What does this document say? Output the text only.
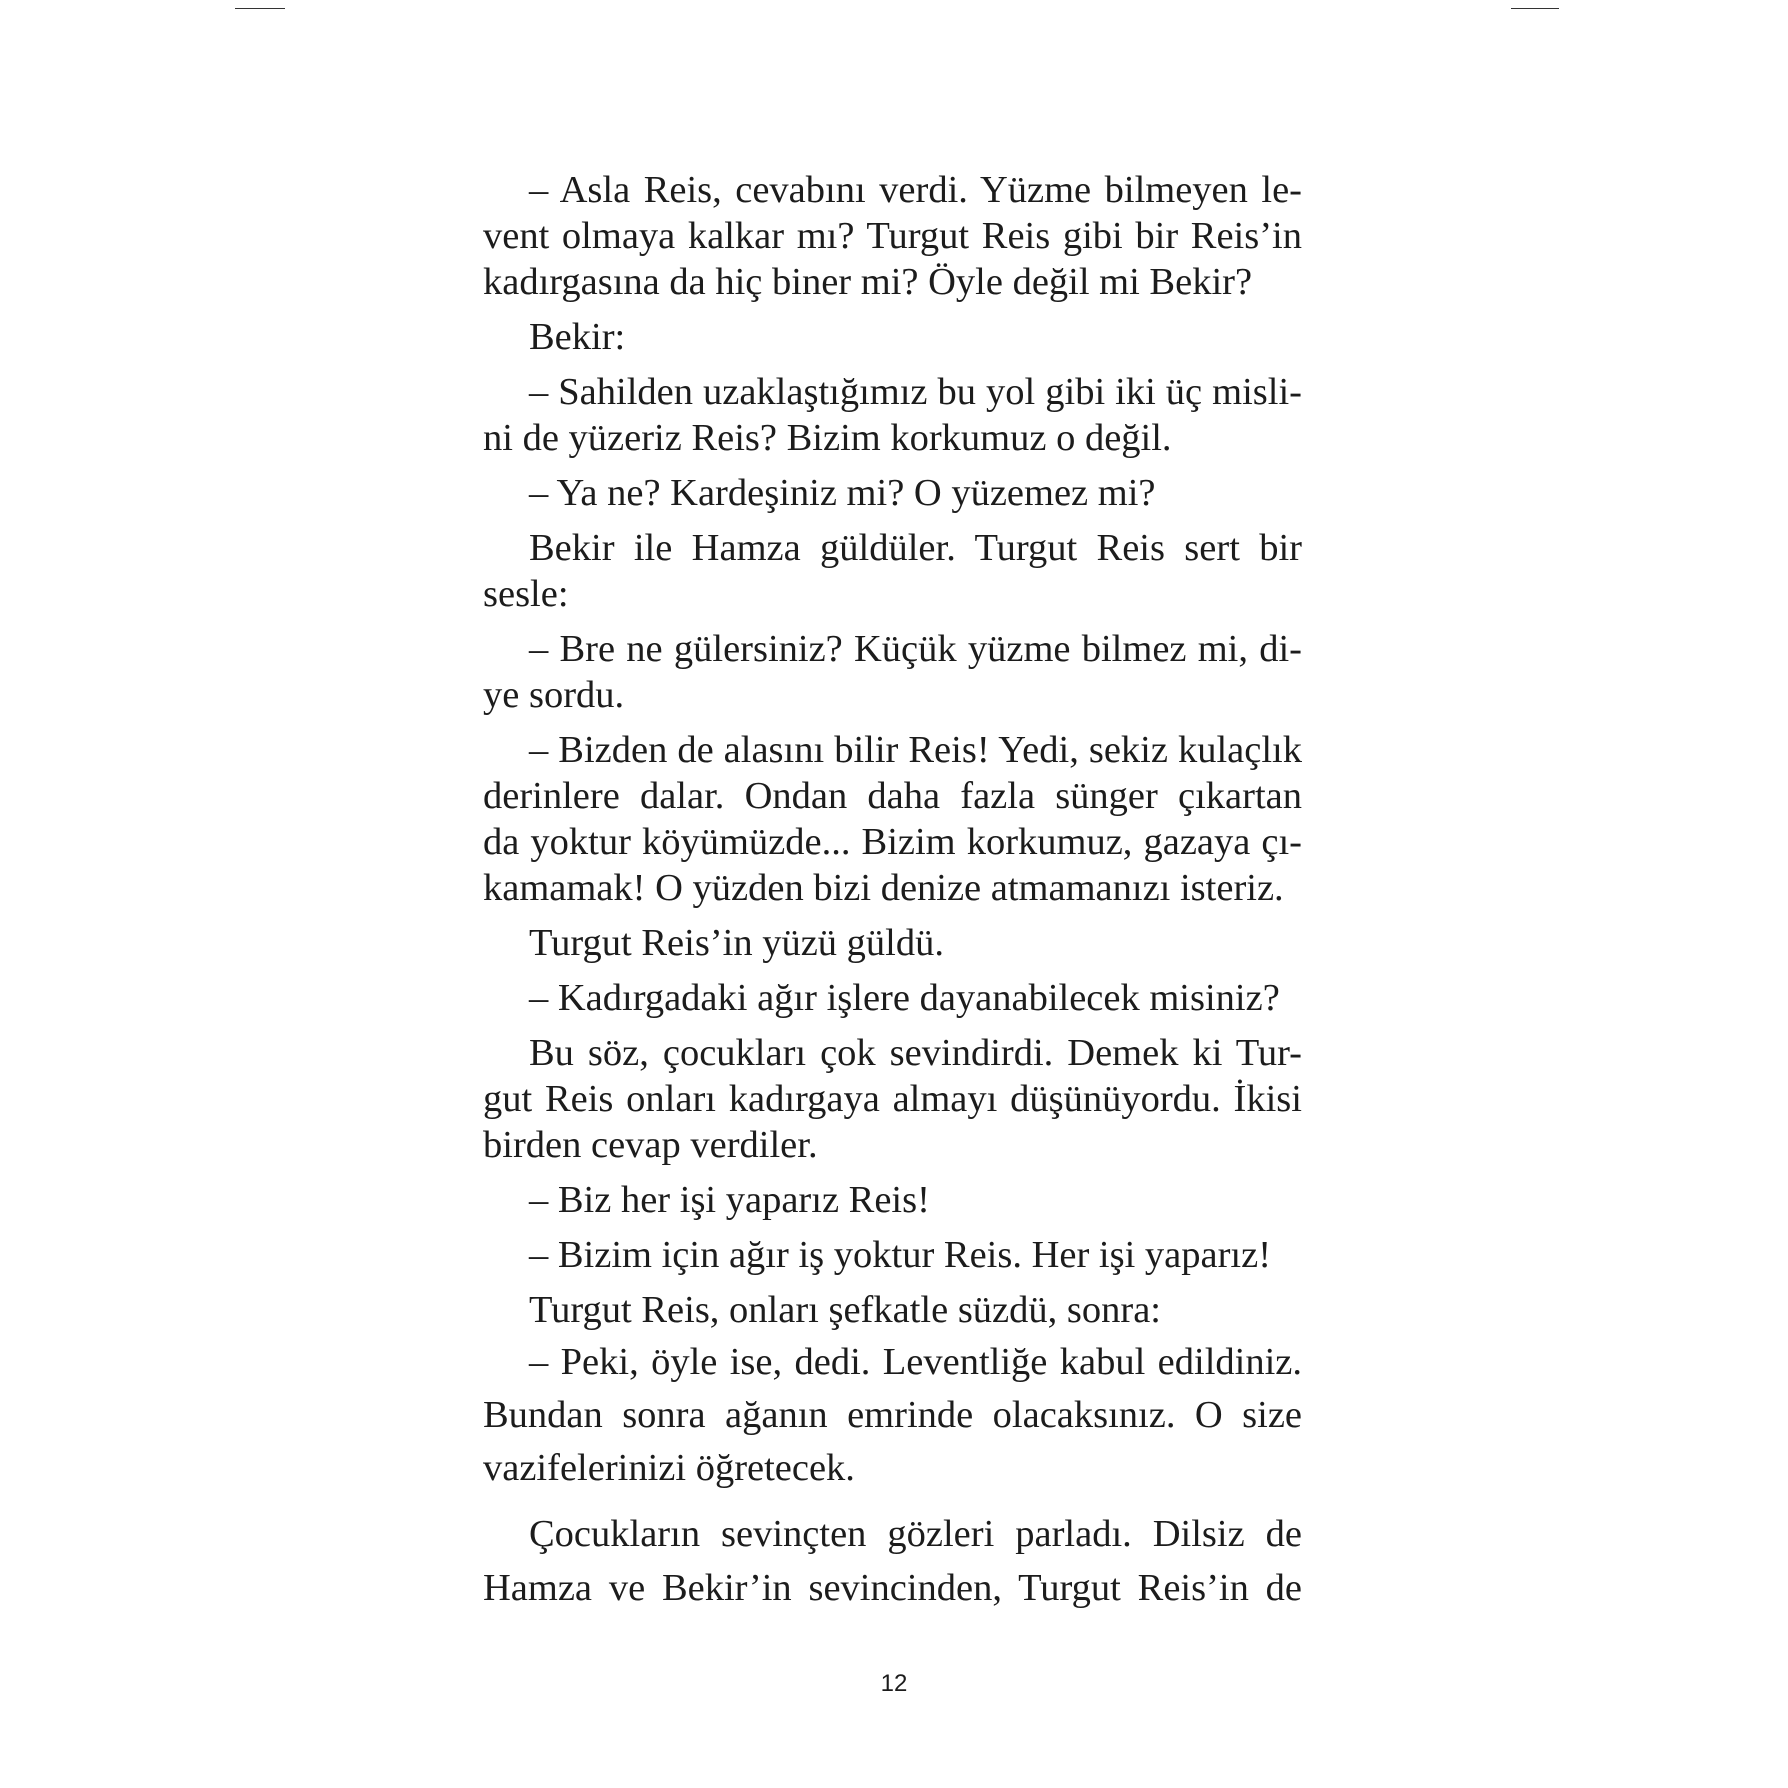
– Asla Reis, cevabını verdi. Yüzme bilmeyen le-
vent olmaya kalkar mı? Turgut Reis gibi bir Reis’in
kadırgasına da hiç biner mi? Öyle değil mi Bekir?
Bekir:
– Sahilden uzaklaştığımız bu yol gibi iki üç misli-
ni de yüzeriz Reis? Bizim korkumuz o değil.
– Ya ne? Kardeşiniz mi? O yüzemez mi?
Bekir ile Hamza güldüler. Turgut Reis sert bir
sesle:
– Bre ne gülersiniz? Küçük yüzme bilmez mi, di-
ye sordu.
– Bizden de alasını bilir Reis! Yedi, sekiz kulaçlık
derinlere dalar. Ondan daha fazla sünger çıkartan
da yoktur köyümüzde... Bizim korkumuz, gazaya çı-
kamamak! O yüzden bizi denize atmamanızı isteriz.
Turgut Reis’in yüzü güldü.
– Kadırgadaki ağır işlere dayanabilecek misiniz?
Bu söz, çocukları çok sevindirdi. Demek ki Tur-
gut Reis onları kadırgaya almayı düşünüyordu. İkisi
birden cevap verdiler.
– Biz her işi yaparız Reis!
– Bizim için ağır iş yoktur Reis. Her işi yaparız!
Turgut Reis, onları şefkatle süzdü, sonra:
– Peki, öyle ise, dedi. Leventliğe kabul edildiniz.
Bundan sonra ağanın emrinde olacaksınız. O size
vazifelerinizi öğretecek.
Çocukların sevinçten gözleri parladı. Dilsiz de
Hamza ve Bekir’in sevincinden, Turgut Reis’in de
12
